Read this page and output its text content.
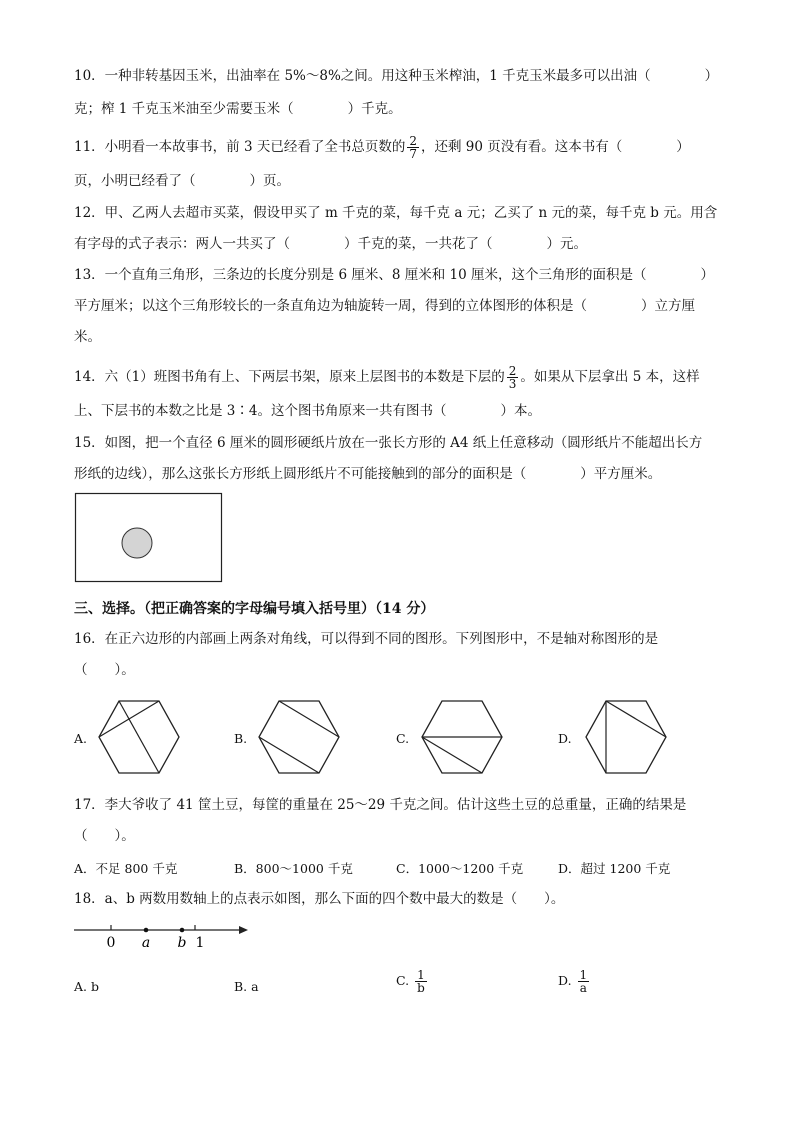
10．一种非转基因玉米，出油率在 5%～8%之间。用这种玉米榨油，1 千克玉米最多可以出油（　　　　）
克；榨 1 千克玉米油至少需要玉米（　　　　）千克。
11．小明看一本故事书，前 3 天已经看了全书总页数的 $\frac{2}{7}$ ，还剩 90 页没有看。这本书有（　　　　）
页，小明已经看了（　　　　）页。
12．甲、乙两人去超市买菜，假设甲买了 m 千克的菜，每千克 a 元；乙买了 n 元的菜，每千克 b 元。用含
有字母的式子表示：两人一共买了（　　　　）千克的菜，一共花了（　　　　）元。
13．一个直角三角形，三条边的长度分别是 6 厘米、8 厘米和 10 厘米，这个三角形的面积是（　　　　）
平方厘米；以这个三角形较长的一条直角边为轴旋转一周，得到的立体图形的体积是（　　　　）立方厘
米。
14．六（1）班图书角有上、下两层书架，原来上层图书的本数是下层的 $\frac{2}{3}$ 。如果从下层拿出 5 本，这样
上、下层书的本数之比是 3∶4。这个图书角原来一共有图书（　　　　）本。
15．如图，把一个直径 6 厘米的圆形硬纸片放在一张长方形的 A4 纸上任意移动（圆形纸片不能超出长方
形纸的边线），那么这张长方形纸上圆形纸片不可能接触到的部分的面积是（　　　　）平方厘米。
三、选择。（把正确答案的字母编号填入括号里）（14 分）
16．在正六边形的内部画上两条对角线，可以得到不同的图形。下列图形中，不是轴对称图形的是
（　　）。
A.	B.	C.	D.
17．李大爷收了 41 筐土豆，每筐的重量在 25～29 千克之间。估计这些土豆的总重量，正确的结果是
（　　）。
A．不足 800 千克	B．800～1000 千克	C．1000～1200 千克	D．超过 1200 千克
18．a、b 两数用数轴上的点表示如图，那么下面的四个数中最大的数是（　　）。
0 a b 1
A. b	B. a	C. $\frac{1}{b}$	D. $\frac{1}{a}$
